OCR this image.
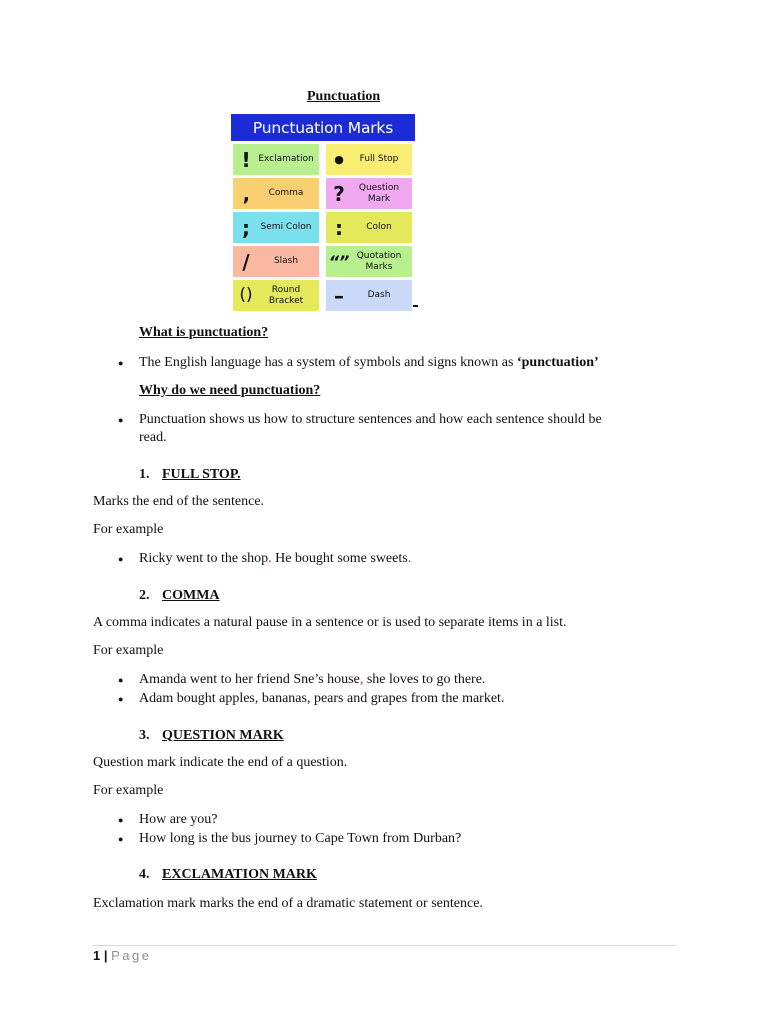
Punctuation
Punctuation Marks
! Exclamation	●	Full Stop
‚	Comma	?	Question Mark
;	Semi Colon	:	Colon
/	Slash	“” Quotation Marks
()	Round Bracket	–	Dash
What is punctuation?
● The English language has a system of symbols and signs known as ‘punctuation’
Why do we need punctuation?
● Punctuation shows us how to structure sentences and how each sentence should be
read.
1. FULL STOP.
Marks the end of the sentence.
For example
● Ricky went to the shop. He bought some sweets.
2. COMMA
A comma indicates a natural pause in a sentence or is used to separate items in a list.
For example
● Amanda went to her friend Sne’s house, she loves to go there.
● Adam bought apples, bananas, pears and grapes from the market.
3. QUESTION MARK
Question mark indicate the end of a question.
For example
● How are you?
● How long is the bus journey to Cape Town from Durban?
4. EXCLAMATION MARK
Exclamation mark marks the end of a dramatic statement or sentence.
1 | Page
